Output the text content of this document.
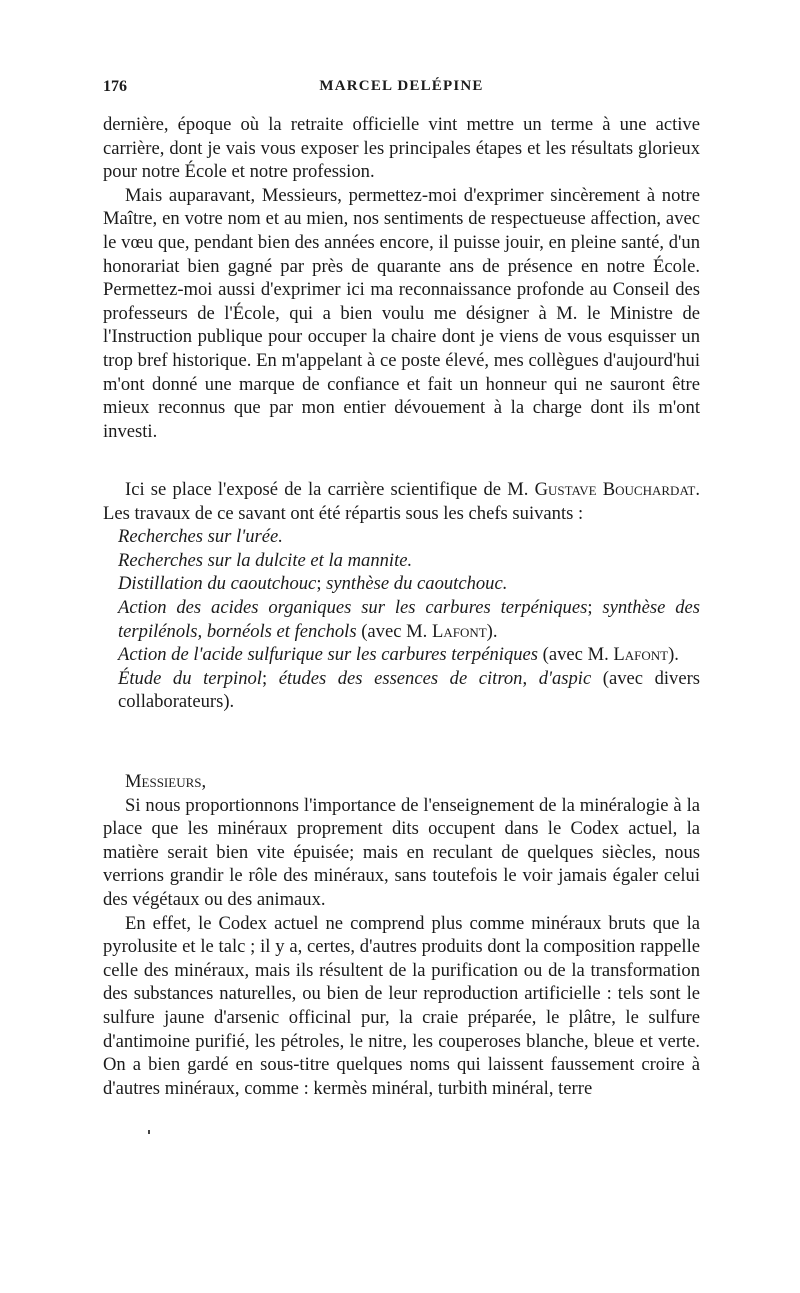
176	MARCEL DELÉPINE

dernière, époque où la retraite officielle vint mettre un terme à une active carrière, dont je vais vous exposer les principales étapes et les résultats glorieux pour notre École et notre profession.

Mais auparavant, Messieurs, permettez-moi d'exprimer sincèrement à notre Maître, en votre nom et au mien, nos sentiments de respectueuse affection, avec le vœu que, pendant bien des années encore, il puisse jouir, en pleine santé, d'un honorariat bien gagné par près de quarante ans de présence en notre École. Permettez-moi aussi d'exprimer ici ma reconnaissance profonde au Conseil des professeurs de l'École, qui a bien voulu me désigner à M. le Ministre de l'Instruction publique pour occuper la chaire dont je viens de vous esquisser un trop bref historique. En m'appelant à ce poste élevé, mes collègues d'aujourd'hui m'ont donné une marque de confiance et fait un honneur qui ne sauront être mieux reconnus que par mon entier dévouement à la charge dont ils m'ont investi.

Ici se place l'exposé de la carrière scientifique de M. Gustave Bouchardat. Les travaux de ce savant ont été répartis sous les chefs suivants :

Recherches sur l'urée.
Recherches sur la dulcite et la mannite.
Distillation du caoutchouc; synthèse du caoutchouc.
Action des acides organiques sur les carbures terpéniques; synthèse des terpilénols, bornéols et fenchols (avec M. Lafont).
Action de l'acide sulfurique sur les carbures terpéniques (avec M. Lafont).
Étude du terpinol; études des essences de citron, d'aspic (avec divers collaborateurs).

Messieurs,

Si nous proportionnons l'importance de l'enseignement de la minéralogie à la place que les minéraux proprement dits occupent dans le Codex actuel, la matière serait bien vite épuisée; mais en reculant de quelques siècles, nous verrions grandir le rôle des minéraux, sans toutefois le voir jamais égaler celui des végétaux ou des animaux.

En effet, le Codex actuel ne comprend plus comme minéraux bruts que la pyrolusite et le talc ; il y a, certes, d'autres produits dont la composition rappelle celle des minéraux, mais ils résultent de la purification ou de la transformation des substances naturelles, ou bien de leur reproduction artificielle : tels sont le sulfure jaune d'arsenic officinal pur, la craie préparée, le plâtre, le sulfure d'antimoine purifié, les pétroles, le nitre, les couperoses blanche, bleue et verte. On a bien gardé en sous-titre quelques noms qui laissent faussement croire à d'autres minéraux, comme : kermès minéral, turbith minéral, terre
